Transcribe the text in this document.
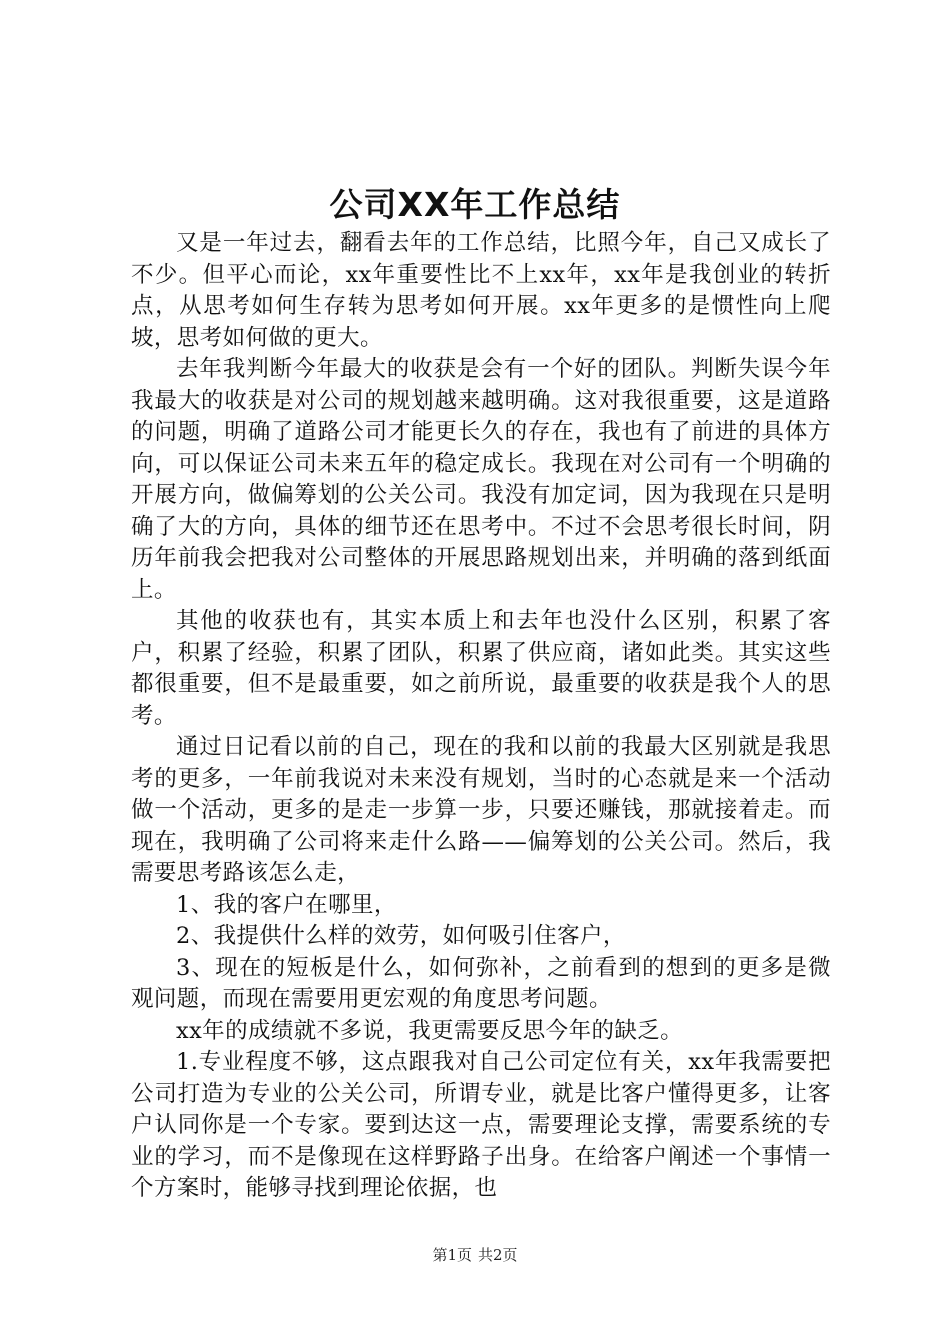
公司XX年工作总结

又是一年过去，翻看去年的工作总结，比照今年，自己又成长了不少。但平心而论，xx年重要性比不上xx年，xx年是我创业的转折点，从思考如何生存转为思考如何开展。xx年更多的是惯性向上爬坡，思考如何做的更大。

去年我判断今年最大的收获是会有一个好的团队。判断失误今年我最大的收获是对公司的规划越来越明确。这对我很重要，这是道路的问题，明确了道路公司才能更长久的存在，我也有了前进的具体方向，可以保证公司未来五年的稳定成长。我现在对公司有一个明确的开展方向，做偏筹划的公关公司。我没有加定词，因为我现在只是明确了大的方向，具体的细节还在思考中。不过不会思考很长时间，阴历年前我会把我对公司整体的开展思路规划出来，并明确的落到纸面上。

其他的收获也有，其实本质上和去年也没什么区别，积累了客户，积累了经验，积累了团队，积累了供应商，诸如此类。其实这些都很重要，但不是最重要，如之前所说，最重要的收获是我个人的思考。

通过日记看以前的自己，现在的我和以前的我最大区别就是我思考的更多，一年前我说对未来没有规划，当时的心态就是来一个活动做一个活动，更多的是走一步算一步，只要还赚钱，那就接着走。而现在，我明确了公司将来走什么路——偏筹划的公关公司。然后，我需要思考路该怎么走，

1、我的客户在哪里，

2、我提供什么样的效劳，如何吸引住客户，

3、现在的短板是什么，如何弥补，之前看到的想到的更多是微观问题，而现在需要用更宏观的角度思考问题。

xx年的成绩就不多说，我更需要反思今年的缺乏。

1.专业程度不够，这点跟我对自己公司定位有关，xx年我需要把公司打造为专业的公关公司，所谓专业，就是比客户懂得更多，让客户认同你是一个专家。要到达这一点，需要理论支撑，需要系统的专业的学习，而不是像现在这样野路子出身。在给客户阐述一个事情一个方案时，能够寻找到理论依据，也

第1页 共2页
